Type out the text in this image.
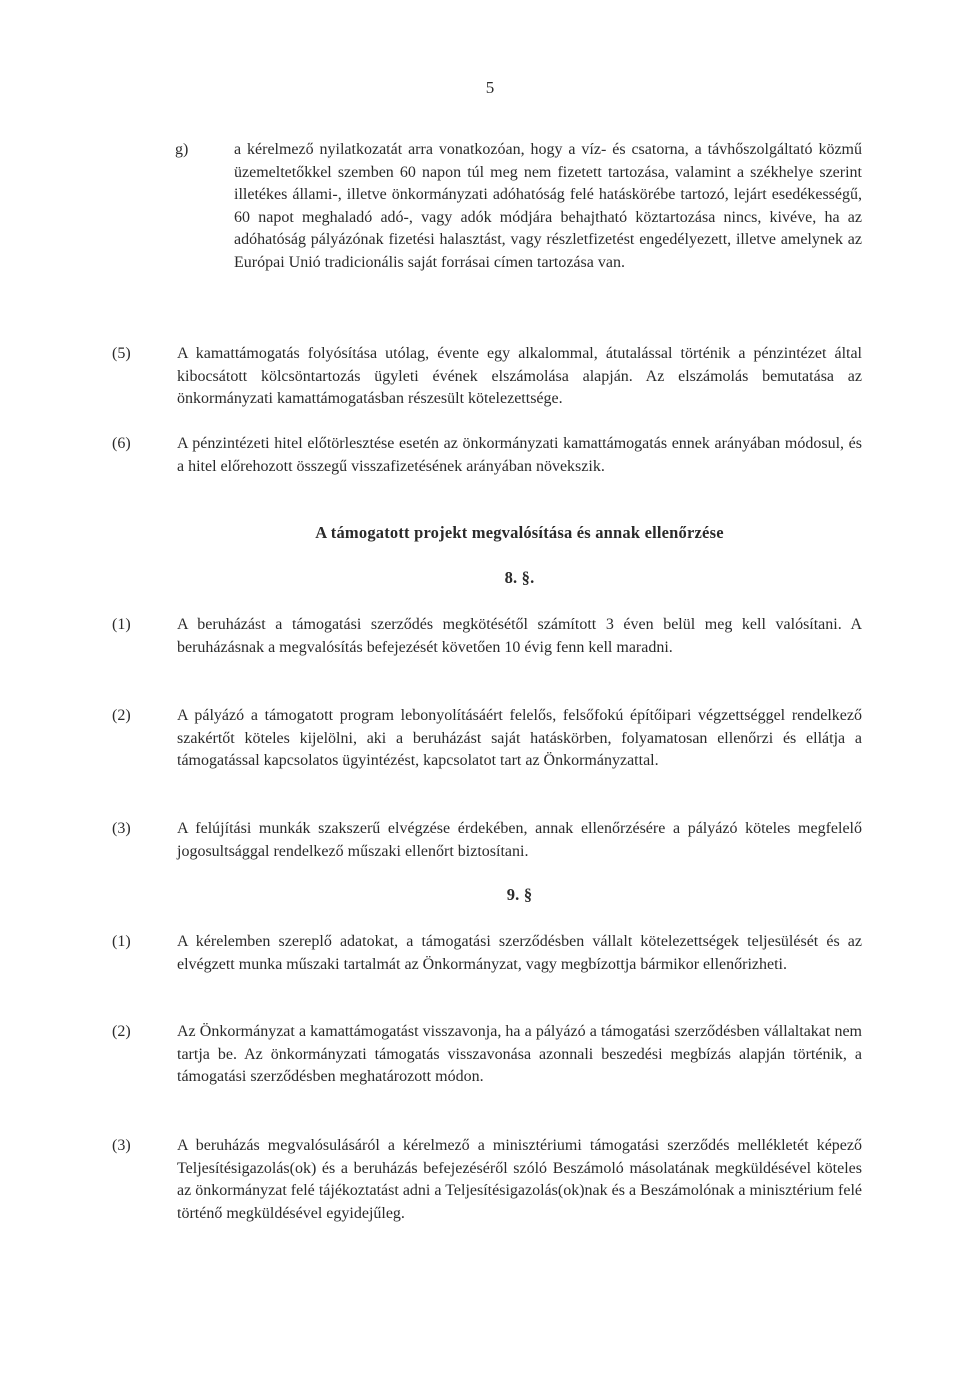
5
g)	a kérelmező nyilatkozatát arra vonatkozóan, hogy a víz- és csatorna, a távhőszolgáltató közmű üzemeltetőkkel szemben 60 napon túl meg nem fizetett tartozása, valamint a székhelye szerint illetékes állami-, illetve önkormányzati adóhatóság felé hatáskörébe tartozó, lejárt esedékességű, 60 napot meghaladó adó-, vagy adók módjára behajtható köztartozása nincs, kivéve, ha az adóhatóság pályázónak fizetési halasztást, vagy részletfizetést engedélyezett, illetve amelynek az Európai Unió tradicionális saját forrásai címen tartozása van.
(5)	A kamattámogatás folyósítása utólag, évente egy alkalommal, átutalással történik a pénzintézet által kibocsátott kölcsöntartozás ügyleti évének elszámolása alapján. Az elszámolás bemutatása az önkormányzati kamattámogatásban részesült kötelezettsége.
(6)	A pénzintézeti hitel előtörlesztése esetén az önkormányzati kamattámogatás ennek arányában módosul, és a hitel előrehozott összegű visszafizetésének arányában növekszik.
A támogatott projekt megvalósítása és annak ellenőrzése
8. §.
(1)	A beruházást a támogatási szerződés megkötésétől számított 3 éven belül meg kell valósítani. A beruházásnak a megvalósítás befejezését követően 10 évig fenn kell maradni.
(2)	A pályázó a támogatott program lebonyolításáért felelős, felsőfokú építőipari végzettséggel rendelkező szakértőt köteles kijelölni, aki a beruházást saját hatáskörben, folyamatosan ellenőrzi és ellátja a támogatással kapcsolatos ügyintézést, kapcsolatot tart az Önkormányzattal.
(3)	A felújítási munkák szakszerű elvégzése érdekében, annak ellenőrzésére a pályázó köteles megfelelő jogosultsággal rendelkező műszaki ellenőrt biztosítani.
9. §
(1)	A kérelemben szereplő adatokat, a támogatási szerződésben vállalt kötelezettségek teljesülését és az elvégzett munka műszaki tartalmát az Önkormányzat, vagy megbízottja bármikor ellenőrizheti.
(2)	Az Önkormányzat a kamattámogatást visszavonja, ha a pályázó a támogatási szerződésben vállaltakat nem tartja be. Az önkormányzati támogatás visszavonása azonnali beszedési megbízás alapján történik, a támogatási szerződésben meghatározott módon.
(3)	A beruházás megvalósulásáról a kérelmező a minisztériumi támogatási szerződés mellékletét képező Teljesítésigazolás(ok) és a beruházás befejezéséről szóló Beszámoló másolatának megküldésével köteles az önkormányzat felé tájékoztatást adni a Teljesítésigazolás(ok)nak és a Beszámolónak a minisztérium felé történő megküldésével egyidejűleg.
